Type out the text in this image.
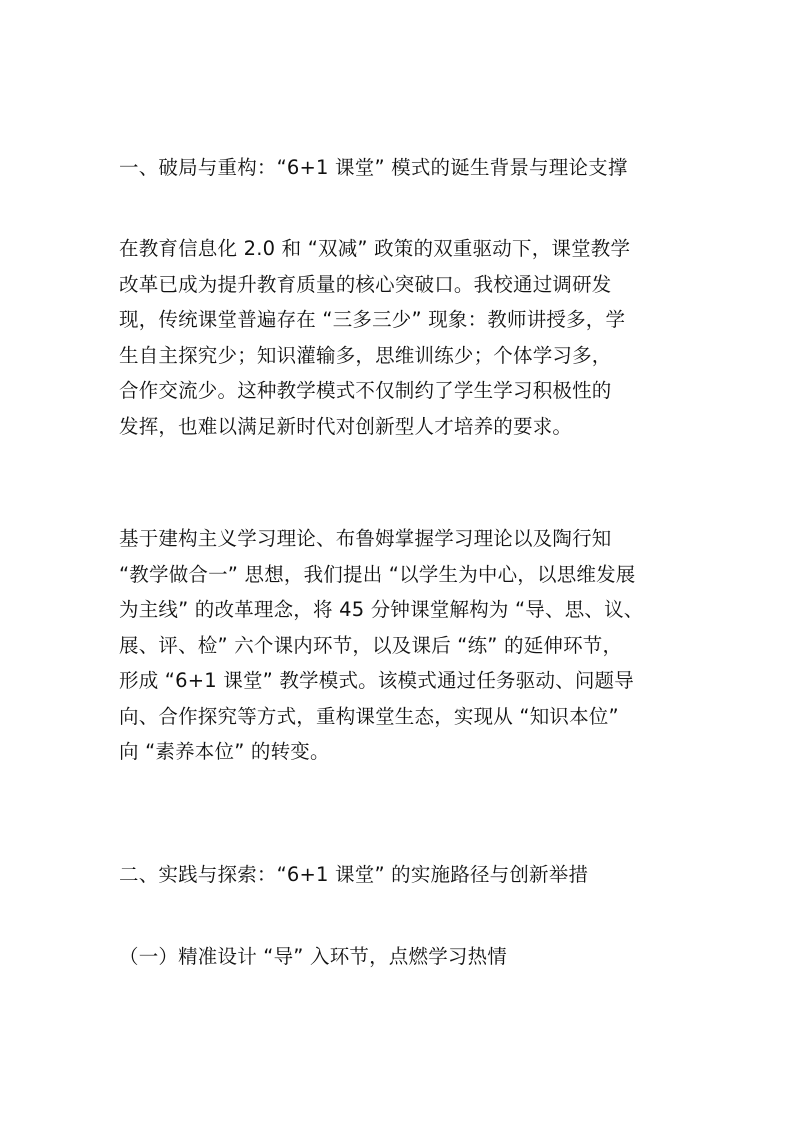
一、破局与重构：“6+1 课堂” 模式的诞生背景与理论支撑
在教育信息化 2.0 和 “双减” 政策的双重驱动下，课堂教学
改革已成为提升教育质量的核心突破口。我校通过调研发
现，传统课堂普遍存在 “三多三少” 现象：教师讲授多，学
生自主探究少；知识灌输多，思维训练少；个体学习多，
合作交流少。这种教学模式不仅制约了学生学习积极性的
发挥，也难以满足新时代对创新型人才培养的要求。
基于建构主义学习理论、布鲁姆掌握学习理论以及陶行知
“教学做合一” 思想，我们提出 “以学生为中心，以思维发展
为主线” 的改革理念，将 45 分钟课堂解构为 “导、思、议、
展、评、检” 六个课内环节，以及课后 “练” 的延伸环节，
形成 “6+1 课堂” 教学模式。该模式通过任务驱动、问题导
向、合作探究等方式，重构课堂生态，实现从 “知识本位”
向 “素养本位” 的转变。
二、实践与探索：“6+1 课堂” 的实施路径与创新举措
（一）精准设计 “导” 入环节，点燃学习热情
